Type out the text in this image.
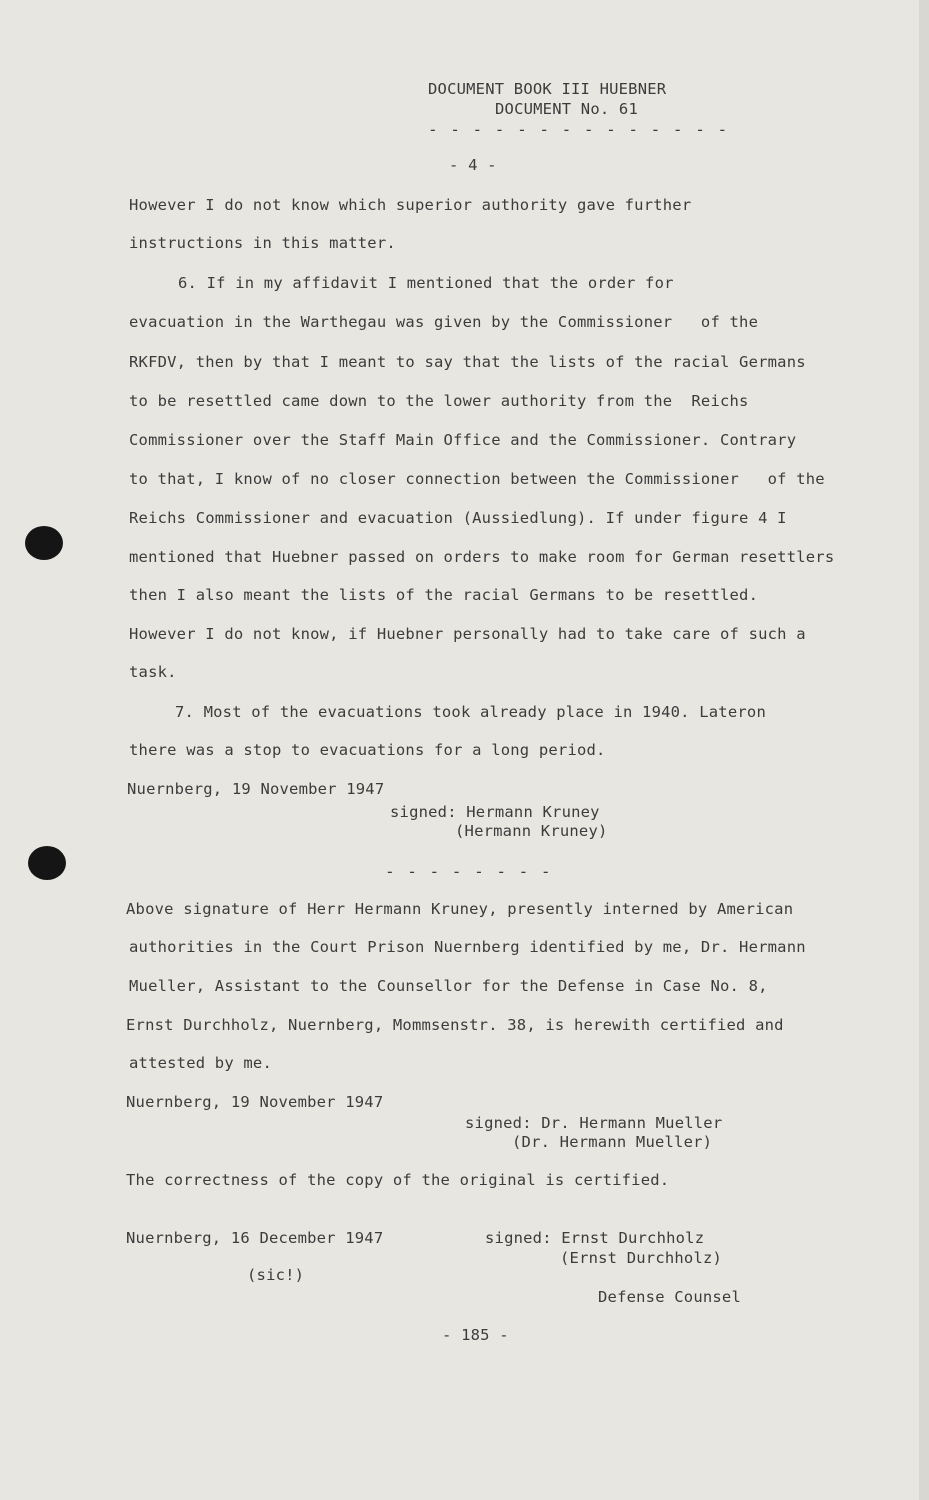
DOCUMENT BOOK III HUEBNER
DOCUMENT No. 61
- - - - - - - - - - - - - -
- 4 -
However I do not know which superior authority gave further
instructions in this matter.
6. If in my affidavit I mentioned that the order for
evacuation in the Warthegau was given by the Commissioner   of the
RKFDV, then by that I meant to say that the lists of the racial Germans
to be resettled came down to the lower authority from the  Reichs
Commissioner over the Staff Main Office and the Commissioner. Contrary
to that, I know of no closer connection between the Commissioner   of the
Reichs Commissioner and evacuation (Aussiedlung). If under figure 4 I
mentioned that Huebner passed on orders to make room for German resettlers
then I also meant the lists of the racial Germans to be resettled.
However I do not know, if Huebner personally had to take care of such a
task.
7. Most of the evacuations took already place in 1940. Lateron
there was a stop to evacuations for a long period.
Nuernberg, 19 November 1947
signed: Hermann Kruney
(Hermann Kruney)
- - - - - - - -
Above signature of Herr Hermann Kruney, presently interned by American
authorities in the Court Prison Nuernberg identified by me, Dr. Hermann
Mueller, Assistant to the Counsellor for the Defense in Case No. 8,
Ernst Durchholz, Nuernberg, Mommsenstr. 38, is herewith certified and
attested by me.
Nuernberg, 19 November 1947
signed: Dr. Hermann Mueller
(Dr. Hermann Mueller)
The correctness of the copy of the original is certified.
Nuernberg, 16 December 1947
(sic!)
signed: Ernst Durchholz
(Ernst Durchholz)
Defense Counsel
- 185 -
